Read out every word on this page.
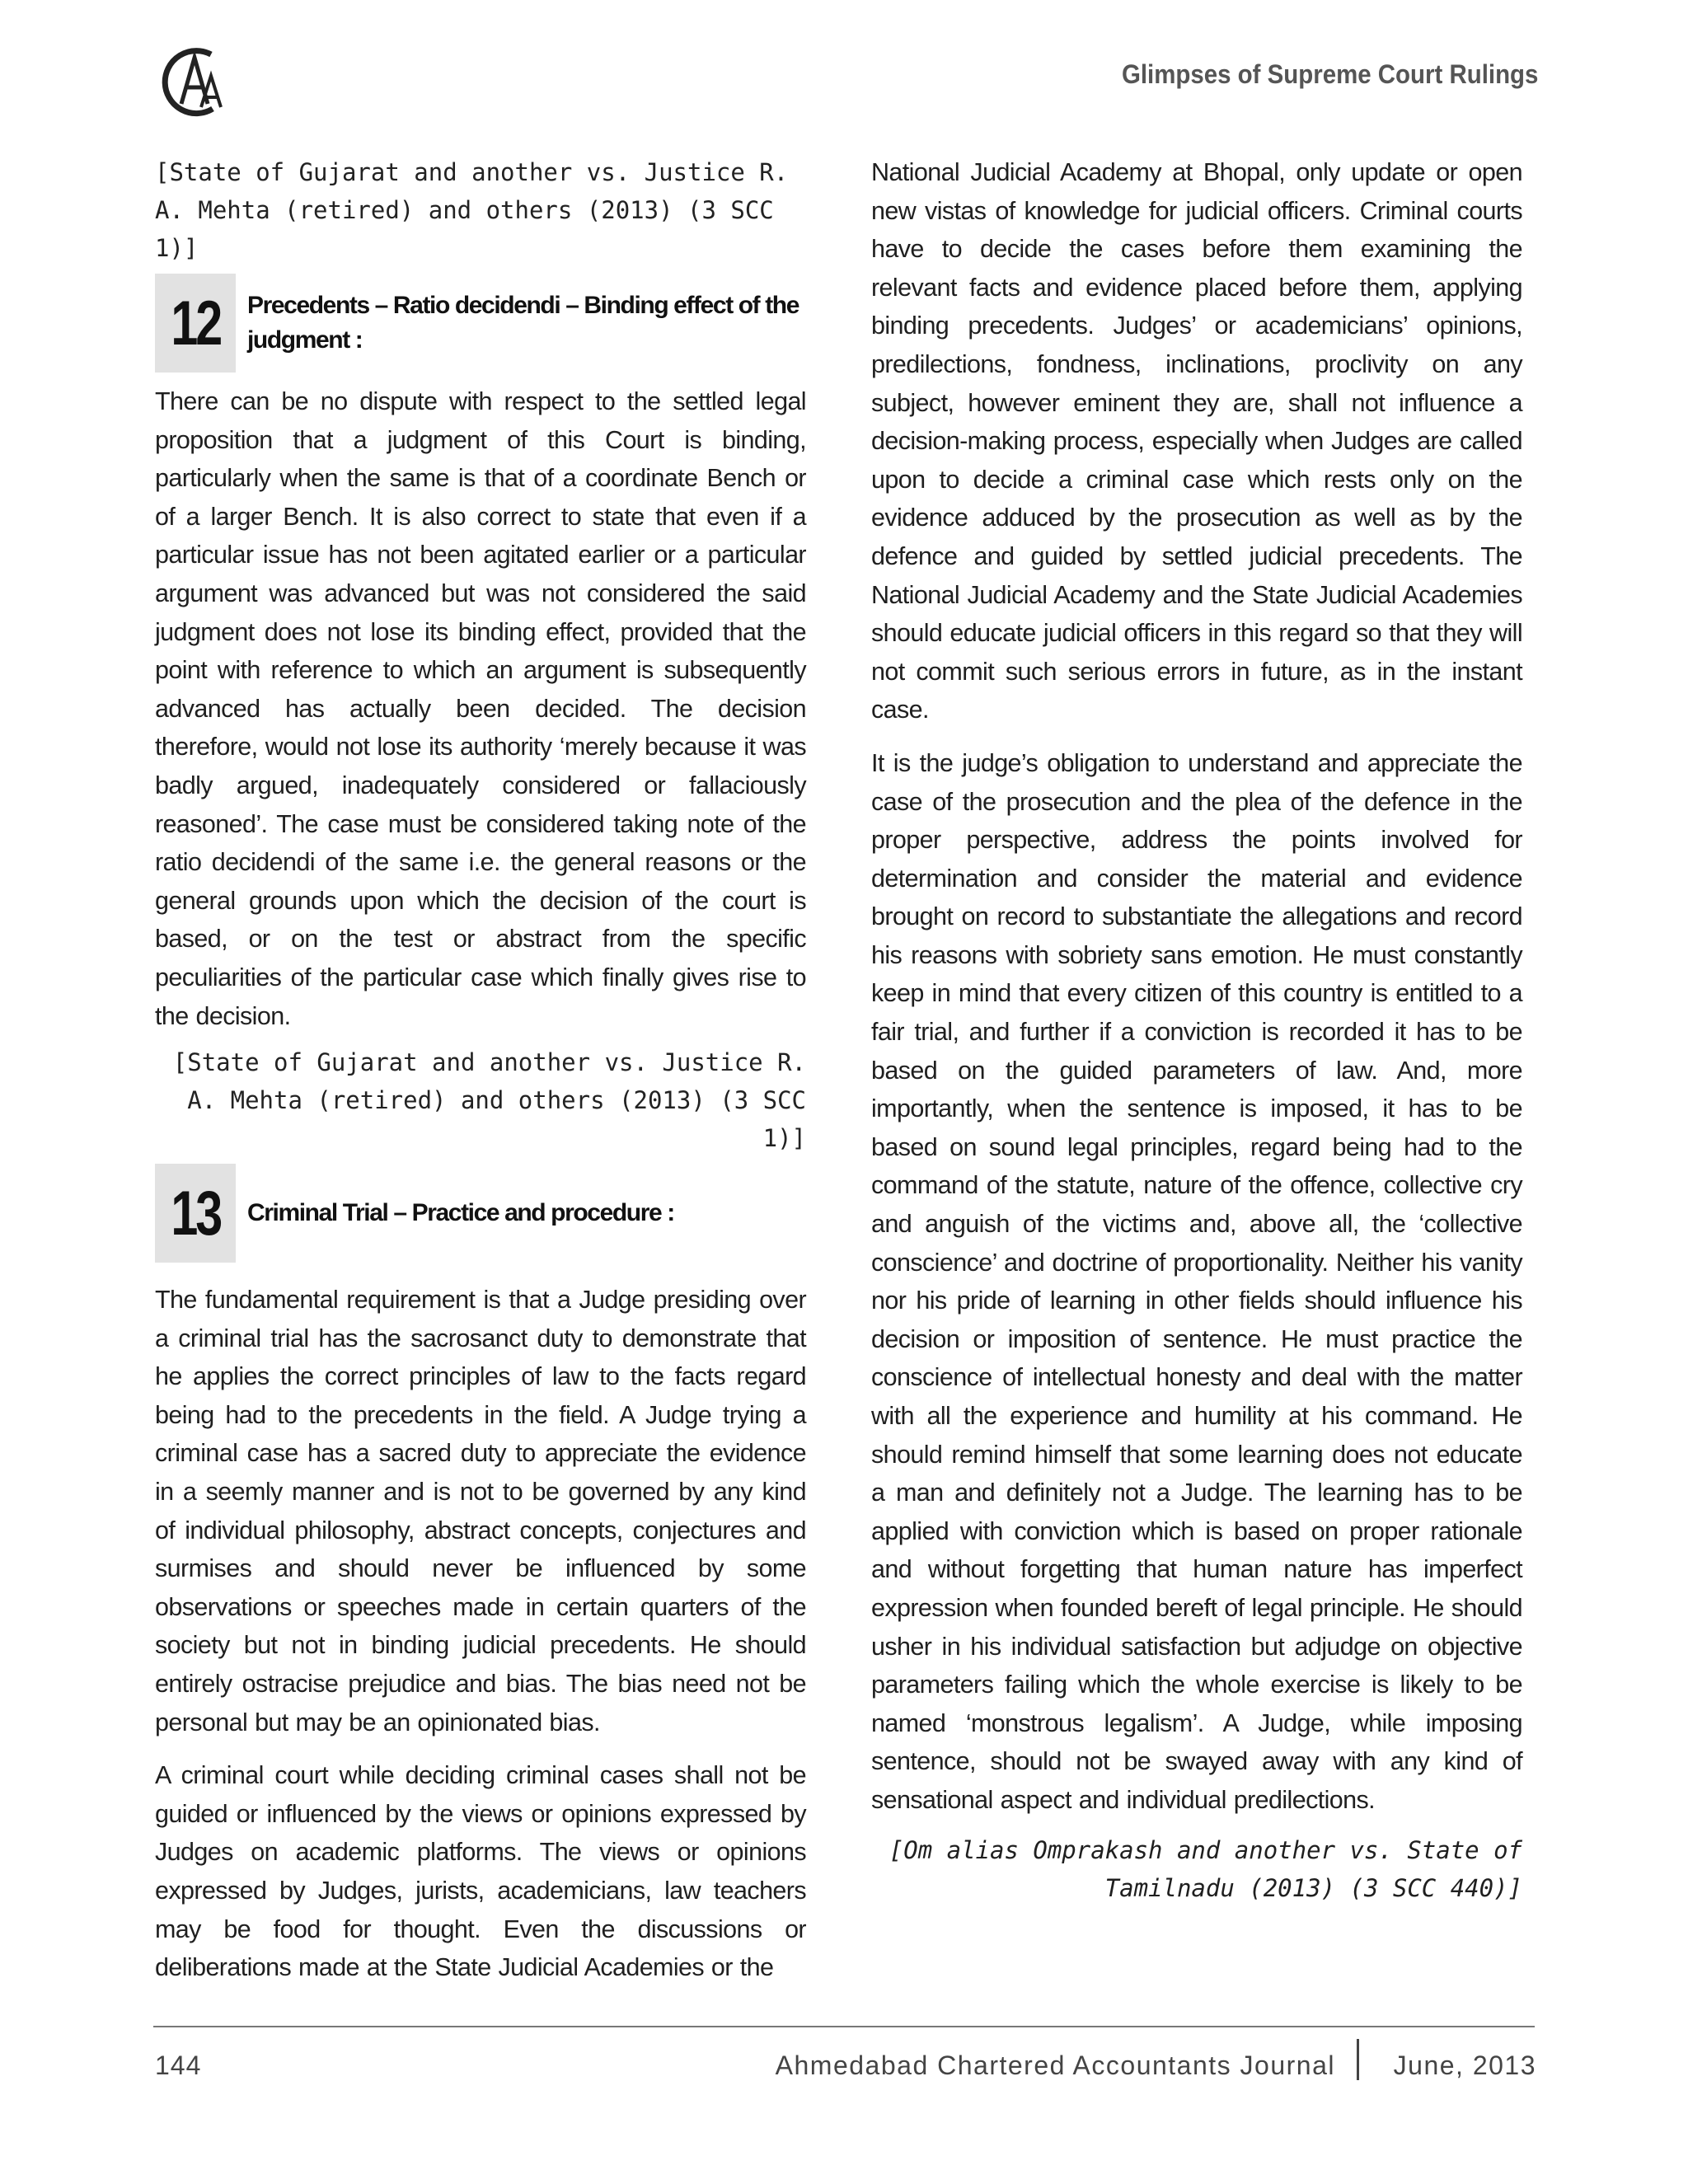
Glimpses of Supreme Court Rulings

[State of Gujarat and another vs. Justice R. A. Mehta (retired) and others (2013) (3 SCC 1)]

12 Precedents – Ratio decidendi – Binding effect of the judgment :

There can be no dispute with respect to the settled legal proposition that a judgment of this Court is binding, particularly when the same is that of a coordinate Bench or of a larger Bench. It is also correct to state that even if a particular issue has not been agitated earlier or a particular argument was advanced but was not considered the said judgment does not lose its binding effect, provided that the point with reference to which an argument is subsequently advanced has actually been decided. The decision therefore, would not lose its authority ‘merely because it was badly argued, inadequately considered or fallaciously reasoned’. The case must be considered taking note of the ratio decidendi of the same i.e. the general reasons or the general grounds upon which the decision of the court is based, or on the test or abstract from the specific peculiarities of the particular case which finally gives rise to the decision.

[State of Gujarat and another vs. Justice R. A. Mehta (retired) and others (2013) (3 SCC 1)]

13 Criminal Trial – Practice and procedure :

The fundamental requirement is that a Judge presiding over a criminal trial has the sacrosanct duty to demonstrate that he applies the correct principles of law to the facts regard being had to the precedents in the field. A Judge trying a criminal case has a sacred duty to appreciate the evidence in a seemly manner and is not to be governed by any kind of individual philosophy, abstract concepts, conjectures and surmises and should never be influenced by some observations or speeches made in certain quarters of the society but not in binding judicial precedents. He should entirely ostracise prejudice and bias. The bias need not be personal but may be an opinionated bias.

A criminal court while deciding criminal cases shall not be guided or influenced by the views or opinions expressed by Judges on academic platforms. The views or opinions expressed by Judges, jurists, academicians, law teachers may be food for thought. Even the discussions or deliberations made at the State Judicial Academies or the

National Judicial Academy at Bhopal, only update or open new vistas of knowledge for judicial officers. Criminal courts have to decide the cases before them examining the relevant facts and evidence placed before them, applying binding precedents. Judges’ or academicians’ opinions, predilections, fondness, inclinations, proclivity on any subject, however eminent they are, shall not influence a decision-making process, especially when Judges are called upon to decide a criminal case which rests only on the evidence adduced by the prosecution as well as by the defence and guided by settled judicial precedents. The National Judicial Academy and the State Judicial Academies should educate judicial officers in this regard so that they will not commit such serious errors in future, as in the instant case.

It is the judge’s obligation to understand and appreciate the case of the prosecution and the plea of the defence in the proper perspective, address the points involved for determination and consider the material and evidence brought on record to substantiate the allegations and record his reasons with sobriety sans emotion. He must constantly keep in mind that every citizen of this country is entitled to a fair trial, and further if a conviction is recorded it has to be based on the guided parameters of law. And, more importantly, when the sentence is imposed, it has to be based on sound legal principles, regard being had to the command of the statute, nature of the offence, collective cry and anguish of the victims and, above all, the ‘collective conscience’ and doctrine of proportionality. Neither his vanity nor his pride of learning in other fields should influence his decision or imposition of sentence. He must practice the conscience of intellectual honesty and deal with the matter with all the experience and humility at his command. He should remind himself that some learning does not educate a man and definitely not a Judge. The learning has to be applied with conviction which is based on proper rationale and without forgetting that human nature has imperfect expression when founded bereft of legal principle. He should usher in his individual satisfaction but adjudge on objective parameters failing which the whole exercise is likely to be named ‘monstrous legalism’. A Judge, while imposing sentence, should not be swayed away with any kind of sensational aspect and individual predilections.

[Om alias Omprakash and another vs. State of Tamilnadu (2013) (3 SCC 440)]

144	Ahmedabad Chartered Accountants Journal June, 2013
